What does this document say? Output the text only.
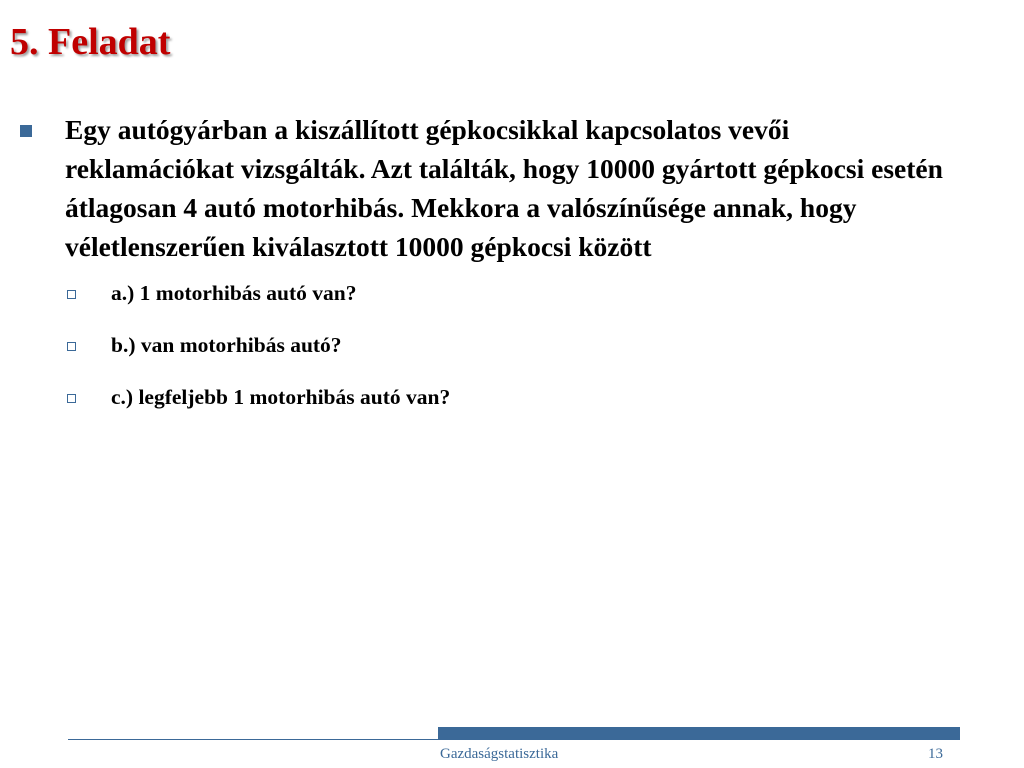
5. Feladat
Egy autógyárban a kiszállított gépkocsikkal kapcsolatos vevői reklamációkat vizsgálták. Azt találták, hogy 10000 gyártott gépkocsi esetén átlagosan 4 autó motorhibás. Mekkora a valószínűsége annak, hogy véletlenszerűen kiválasztott 10000 gépkocsi között
a.) 1 motorhibás autó van?
b.) van motorhibás autó?
c.) legfeljebb 1 motorhibás autó van?
Gazdaságstatisztika	13
